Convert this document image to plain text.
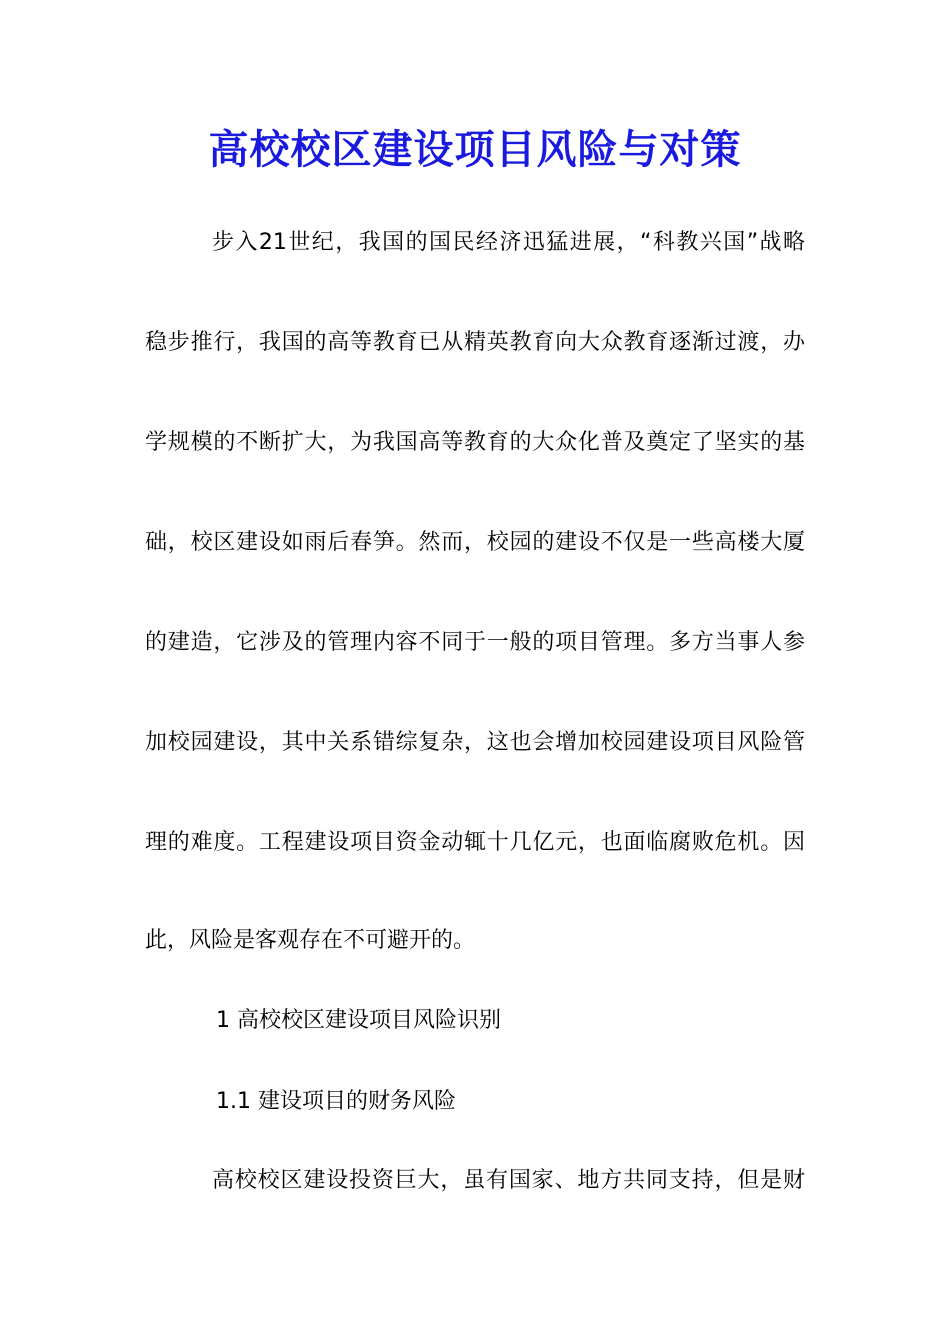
高校校区建设项目风险与对策
步入21世纪，我国的国民经济迅猛进展，“科教兴国”战略
稳步推行，我国的高等教育已从精英教育向大众教育逐渐过渡，办
学规模的不断扩大，为我国高等教育的大众化普及奠定了坚实的基
础，校区建设如雨后春笋。然而，校园的建设不仅是一些高楼大厦
的建造，它涉及的管理内容不同于一般的项目管理。多方当事人参
加校园建设，其中关系错综复杂，这也会增加校园建设项目风险管
理的难度。工程建设项目资金动辄十几亿元，也面临腐败危机。因
此，风险是客观存在不可避开的。
1 高校校区建设项目风险识别
1.1 建设项目的财务风险
高校校区建设投资巨大，虽有国家、地方共同支持，但是财
